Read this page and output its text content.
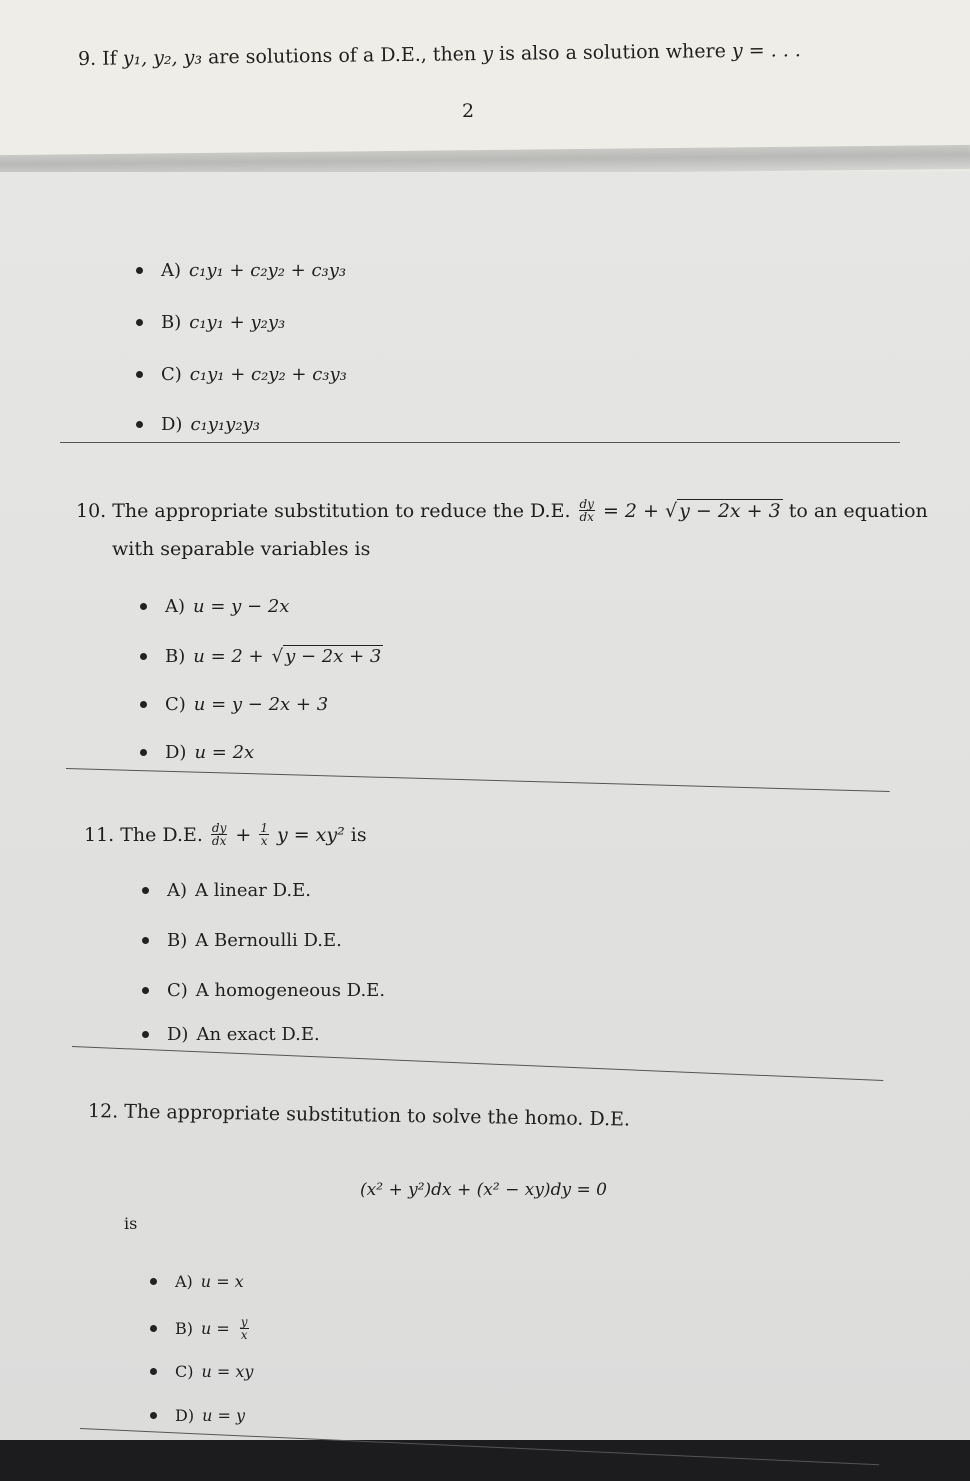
9. If y₁, y₂, y₃ are solutions of a D.E., then y is also a solution where y = . . .
2
A) c₁y₁ + c₂y₂ + c₃y₃
B) c₁y₁ + y₂y₃
C) c₁y₁ + c₂y₂ + c₃y₃
D) c₁y₁y₂y₃
10. The appropriate substitution to reduce the D.E. $\frac{dy}{dx} = 2$ + √ y − 2x + 3 to an equation
with separable variables is
A) u = y − 2x
B) u = 2 + √ y − 2x + 3
C) u = y − 2x + 3
D) u = 2x
11. The D.E. $\frac{dy}{dx} + \frac{1}{x}$ y = xy² is
A) A linear D.E.
B) A Bernoulli D.E.
C) A homogeneous D.E.
D) An exact D.E.
12. The appropriate substitution to solve the homo. D.E.
(x² + y²)dx + (x² − xy)dy = 0
is
A) u = x
B) $u = \frac{y}{x}$
C) u = xy
D) u = y
